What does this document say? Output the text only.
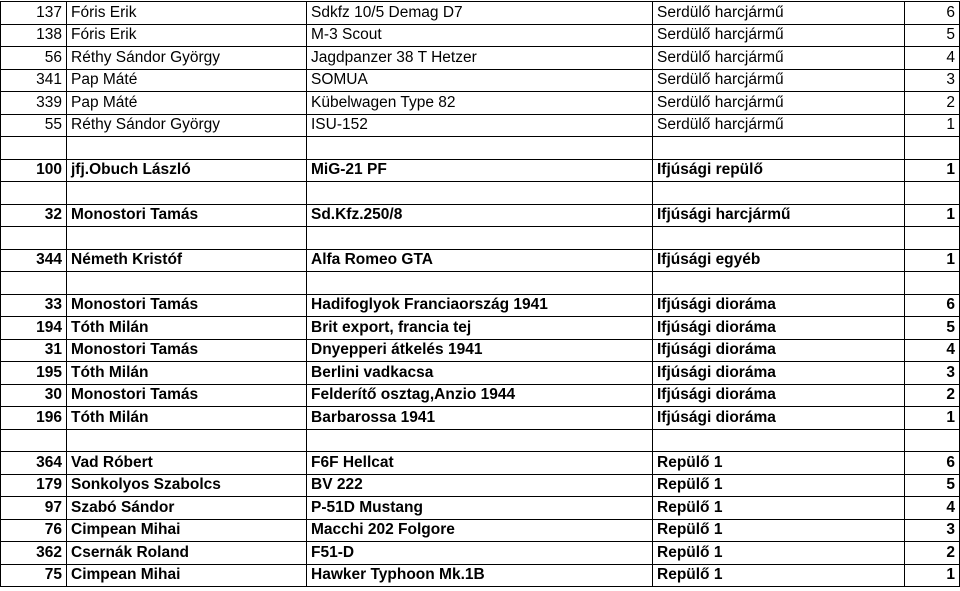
137	Fóris Erik	Sdkfz 10/5 Demag D7	Serdülő harcjármű	6
138	Fóris Erik	M-3 Scout	Serdülő harcjármű	5
56	Réthy Sándor György	Jagdpanzer 38 T Hetzer	Serdülő harcjármű	4
341	Pap Máté	SOMUA	Serdülő harcjármű	3
339	Pap Máté	Kübelwagen Type 82	Serdülő harcjármű	2
55	Réthy Sándor György	ISU-152	Serdülő harcjármű	1

100	jfj.Obuch László	MiG-21 PF	Ifjúsági repülő	1

32	Monostori Tamás	Sd.Kfz.250/8	Ifjúsági harcjármű	1

344	Németh Kristóf	Alfa Romeo GTA	Ifjúsági egyéb	1

33	Monostori Tamás	Hadifoglyok Franciaország 1941	Ifjúsági dioráma	6
194	Tóth Milán	Brit export, francia tej	Ifjúsági dioráma	5
31	Monostori Tamás	Dnyepperi átkelés 1941	Ifjúsági dioráma	4
195	Tóth Milán	Berlini vadkacsa	Ifjúsági dioráma	3
30	Monostori Tamás	Felderítő osztag,Anzio 1944	Ifjúsági dioráma	2
196	Tóth Milán	Barbarossa 1941	Ifjúsági dioráma	1

364	Vad Róbert	F6F Hellcat	Repülő 1	6
179	Sonkolyos Szabolcs	BV 222	Repülő 1	5
97	Szabó Sándor	P-51D Mustang	Repülő 1	4
76	Cimpean Mihai	Macchi 202 Folgore	Repülő 1	3
362	Csernák Roland	F51-D	Repülő 1	2
75	Cimpean Mihai	Hawker Typhoon Mk.1B	Repülő 1	1
